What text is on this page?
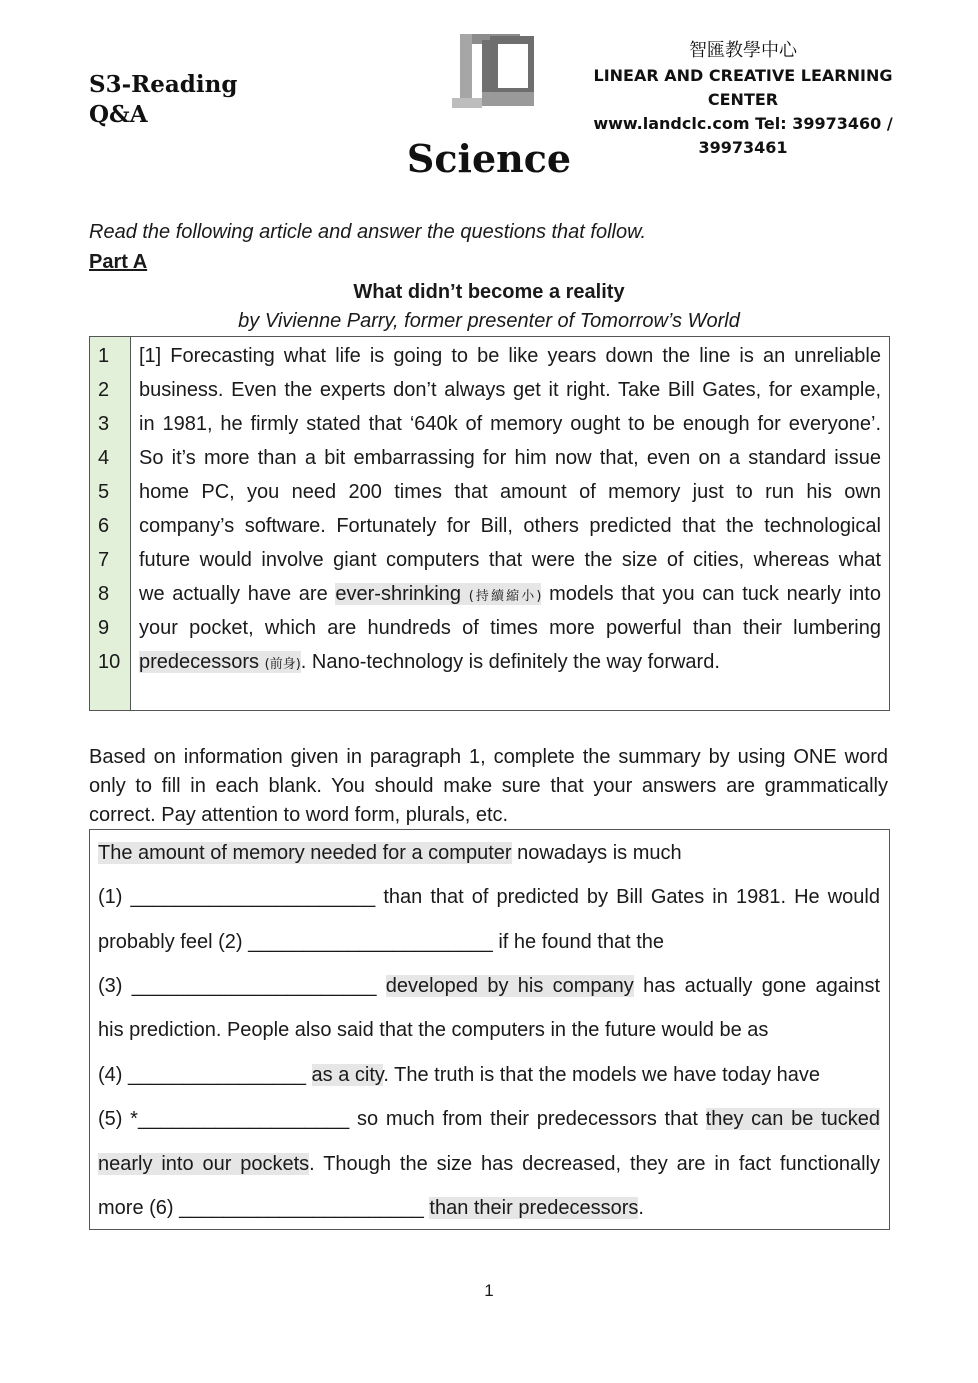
S3-Reading
Q&A
智匯教學中心
LINEAR AND CREATIVE LEARNING CENTER
www.landclc.com Tel: 39973460 / 39973461
Science
Read the following article and answer the questions that follow.
Part A
What didn’t become a reality
by Vivienne Parry, former presenter of Tomorrow’s World
1
2
3
4
5
6
7
8
9
10
[1] Forecasting what life is going to be like years down the line is an unreliable
business. Even the experts don’t always get it right. Take Bill Gates, for example,
in 1981, he firmly stated that ‘640k of memory ought to be enough for everyone’.
So it’s more than a bit embarrassing for him now that, even on a standard issue
home PC, you need 200 times that amount of memory just to run his own
company’s software. Fortunately for Bill, others predicted that the technological
future would involve giant computers that were the size of cities, whereas what
we actually have are ever-shrinking (持續縮小) models that you can tuck nearly into
your pocket, which are hundreds of times more powerful than their lumbering
predecessors (前身). Nano-technology is definitely the way forward.
Based on information given in paragraph 1, complete the summary by using ONE word
only to fill in each blank. You should make sure that your answers are grammatically
correct. Pay attention to word form, plurals, etc.
The amount of memory needed for a computer nowadays is much
(1) ______________________ than that of predicted by Bill Gates in 1981. He would
probably feel (2) ______________________ if he found that the
(3) ______________________ developed by his company has actually gone against
his prediction. People also said that the computers in the future would be as
(4) ________________ as a city. The truth is that the models we have today have
(5) *___________________ so much from their predecessors that they can be tucked
nearly into our pockets. Though the size has decreased, they are in fact functionally
more (6) ______________________ than their predecessors.
1
